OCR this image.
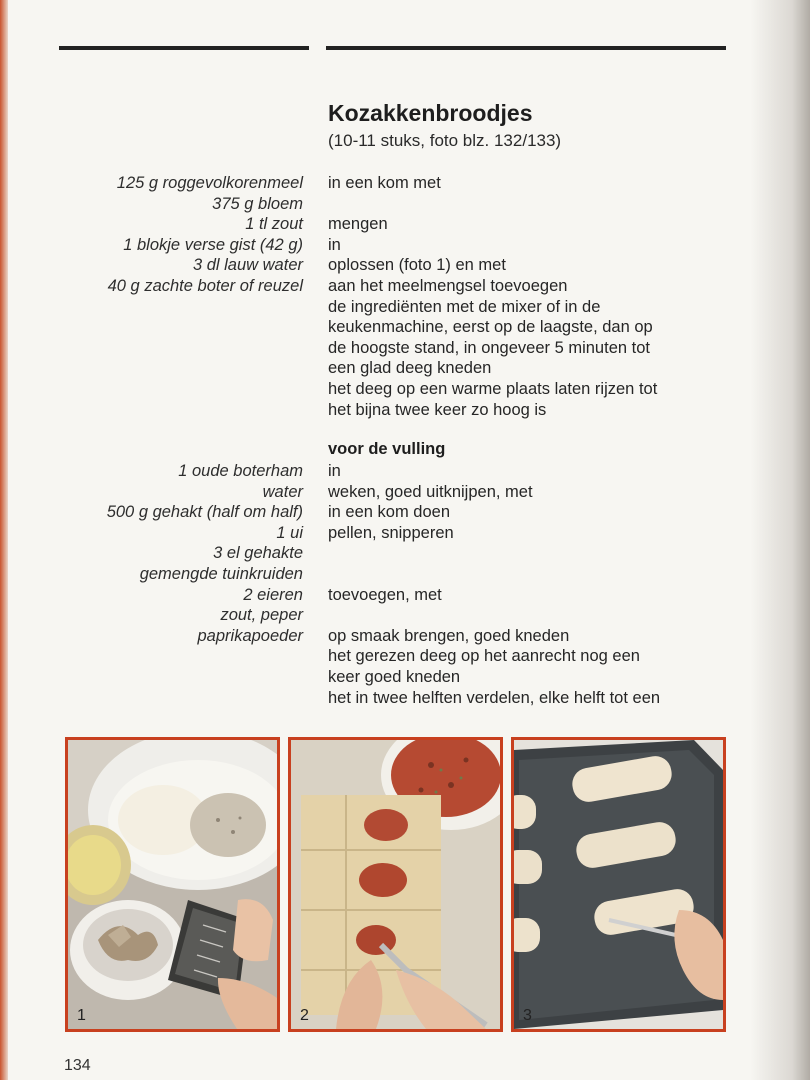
Kozakkenbroodjes
(10-11 stuks, foto blz. 132/133)
125 g roggevolkorenmeel
375 g bloem
1 tl zout
1 blokje verse gist (42 g)
3 dl lauw water
40 g zachte boter of reuzel
in een kom met
mengen
in
oplossen (foto 1) en met
aan het meelmengsel toevoegen
de ingrediënten met de mixer of in de
keukenmachine, eerst op de laagste, dan op
de hoogste stand, in ongeveer 5 minuten tot
een glad deeg kneden
het deeg op een warme plaats laten rijzen tot
het bijna twee keer zo hoog is
voor de vulling
1 oude boterham
water
500 g gehakt (half om half)
1 ui
3 el gehakte
gemengde tuinkruiden
2 eieren
zout, peper
paprikapoeder
in
weken, goed uitknijpen, met
in een kom doen
pellen, snipperen
toevoegen, met
op smaak brengen, goed kneden
het gerezen deeg op het aanrecht nog een
keer goed kneden
het in twee helften verdelen, elke helft tot een
1	2	3
134
